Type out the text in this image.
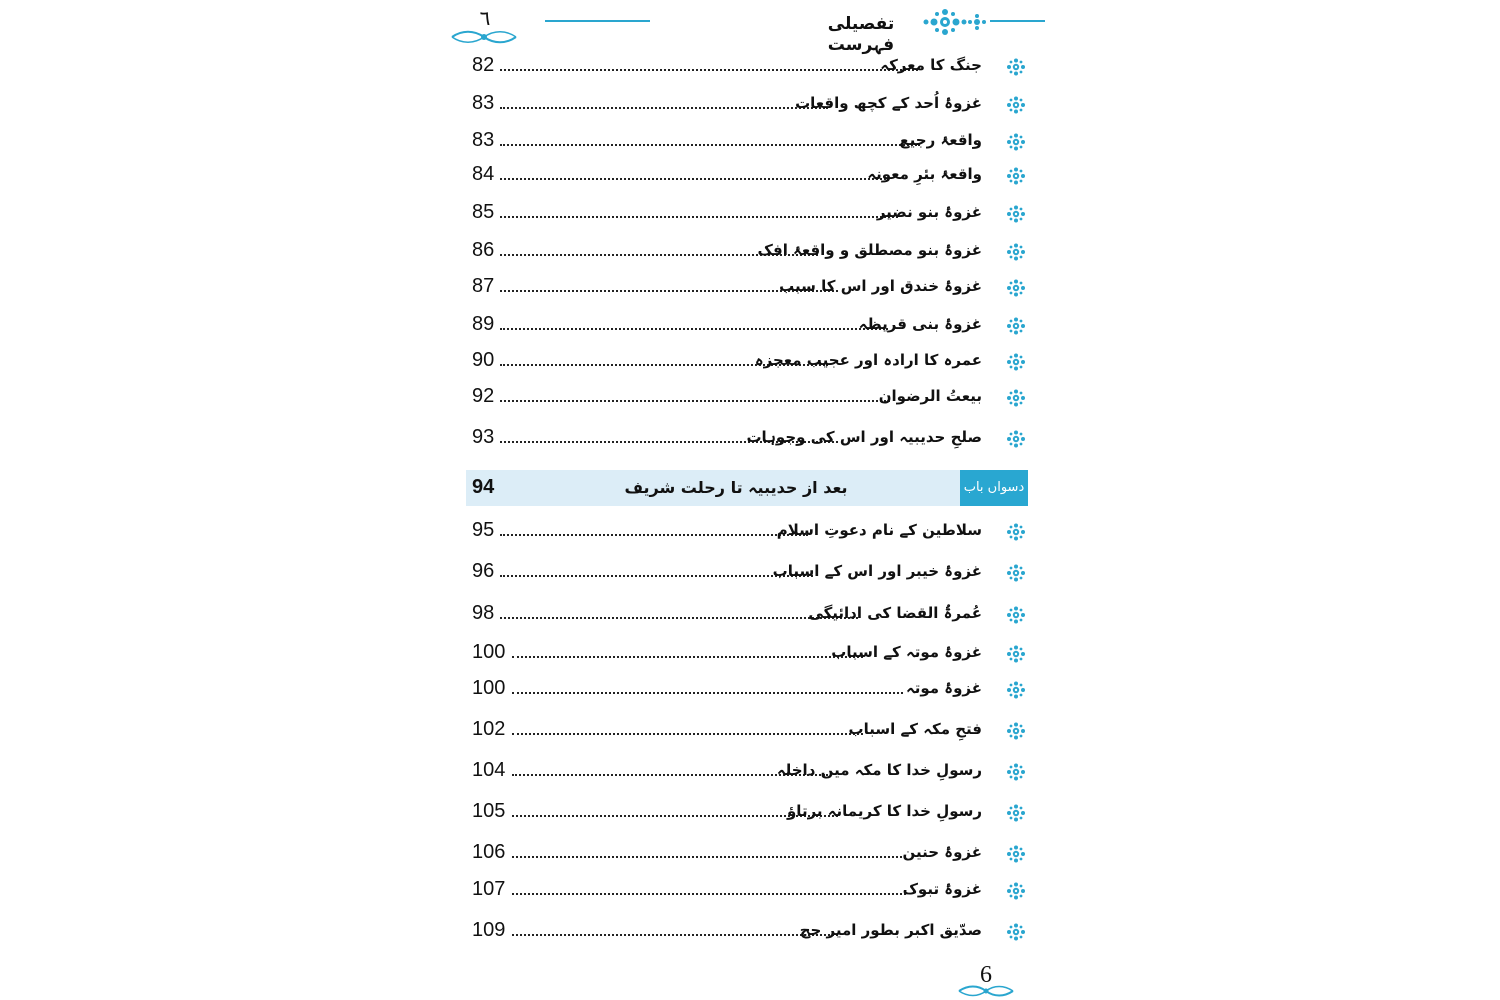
٦	تفصیلی فہرست
82	جنگ کا معرکہ
83	غزوۂ اُحد کے کچھ واقعات
83	واقعۂ رجیع
84	واقعۂ بئرِ معونہ
85	غزوۂ بنو نضیر
86	غزوۂ بنو مصطلق و واقعۂ افک
87	غزوۂ خندق اور اس کا سبب
89	غزوۂ بنی قریظہ
90	عمرہ کا ارادہ اور عجیب معجزہ
92	بیعتُ الرضوان
93	صلحِ حدیبیہ اور اس کی وجوہات
94	بعد از حدیبیہ تا رحلت شریف	دسواں باب
95	سلاطین کے نام دعوتِ اسلام
96	غزوۂ خیبر اور اس کے اسباب
98	عُمرۃُ القضا کی ادائیگی
100	غزوۂ موتہ کے اسباب
100	غزوۂ موتہ
102	فتحِ مکہ کے اسباب
104	رسولِ خدا کا مکہ میں داخلہ
105	رسولِ خدا کا کریمانہ برتاؤ
106	غزوۂ حنین
107	غزوۂ تبوک
109	صدّیق اکبر بطور امیر حج
6
